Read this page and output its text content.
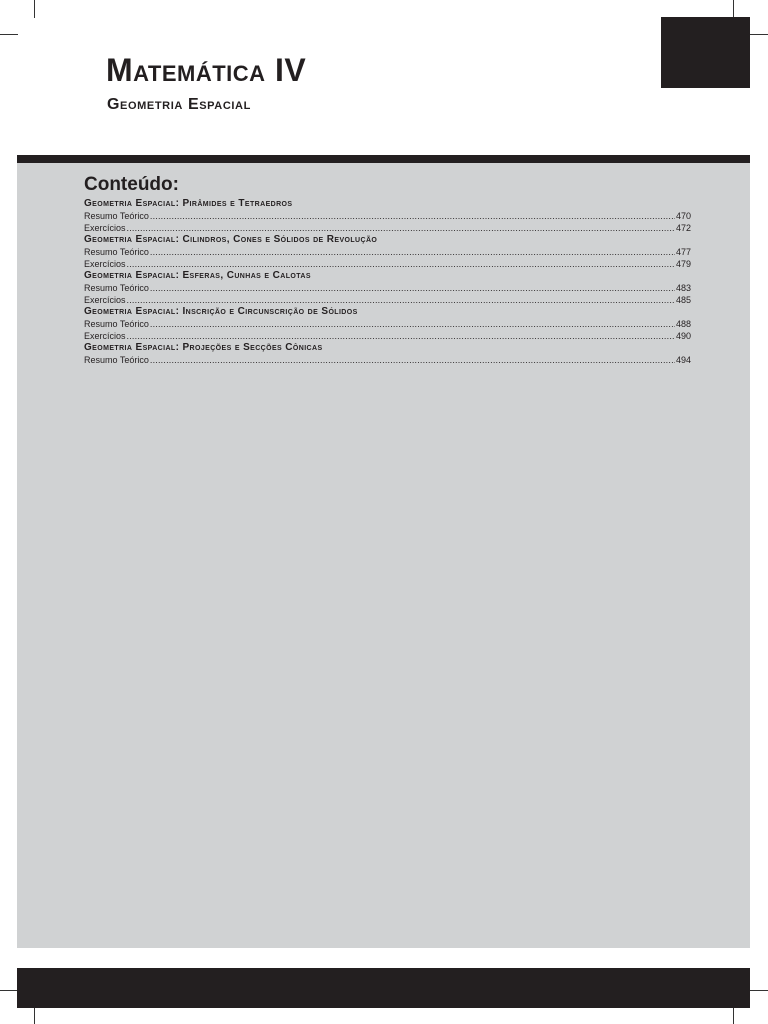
Matemática IV
Geometria Espacial
Conteúdo:
Geometria Espacial: Pirâmides e Tetraedros
Resumo Teórico .....	470
Exercícios .....	472
Geometria Espacial: Cilindros, Cones e Sólidos de Revolução
Resumo Teórico .....	477
Exercícios .....	479
Geometria Espacial: Esferas, Cunhas e Calotas
Resumo Teórico .....	483
Exercícios .....	485
Geometria Espacial: Inscrição e Circunscrição de Sólidos
Resumo Teórico .....	488
Exercícios .....	490
Geometria Espacial: Projeções e Secções Cônicas
Resumo Teórico .....	494
